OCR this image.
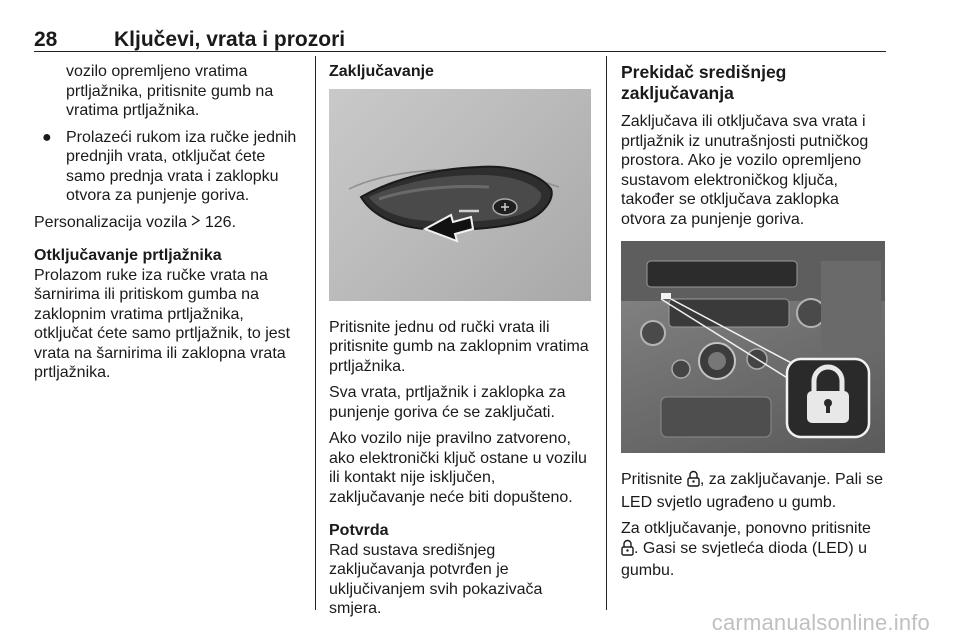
28	Ključevi, vrata i prozori
vozilo opremljeno vratima prtljažnika, pritisnite gumb na vratima prtljažnika.
● Prolazeći rukom iza ručke jednih prednjih vrata, otključat ćete samo prednja vrata i zaklopku otvora za punjenje goriva.
Personalizacija vozila 126.
Otključavanje prtljažnika
Prolazom ruke iza ručke vrata na šarnirima ili pritiskom gumba na zaklopnim vratima prtljažnika, otključat ćete samo prtljažnik, to jest vrata na šarnirima ili zaklopna vrata prtljažnika.
Zaključavanje
Pritisnite jednu od ručki vrata ili pritisnite gumb na zaklopnim vratima prtljažnika.
Sva vrata, prtljažnik i zaklopka za punjenje goriva će se zaključati.
Ako vozilo nije pravilno zatvoreno, ako elektronički ključ ostane u vozilu ili kontakt nije isključen, zaključavanje neće biti dopušteno.
Potvrda
Rad sustava središnjeg zaključavanja potvrđen je uključivanjem svih pokazivača smjera.
Prekidač središnjeg zaključavanja
Zaključava ili otključava sva vrata i prtljažnik iz unutrašnjosti putničkog prostora. Ako je vozilo opremljeno sustavom elektroničkog ključa, također se otključava zaklopka otvora za punjenje goriva.
Pritisnite , za zaključavanje. Pali se LED svjetlo ugrađeno u gumb.
Za otključavanje, ponovno pritisnite . Gasi se svjetleća dioda (LED) u gumbu.
carmanualsonline.info
